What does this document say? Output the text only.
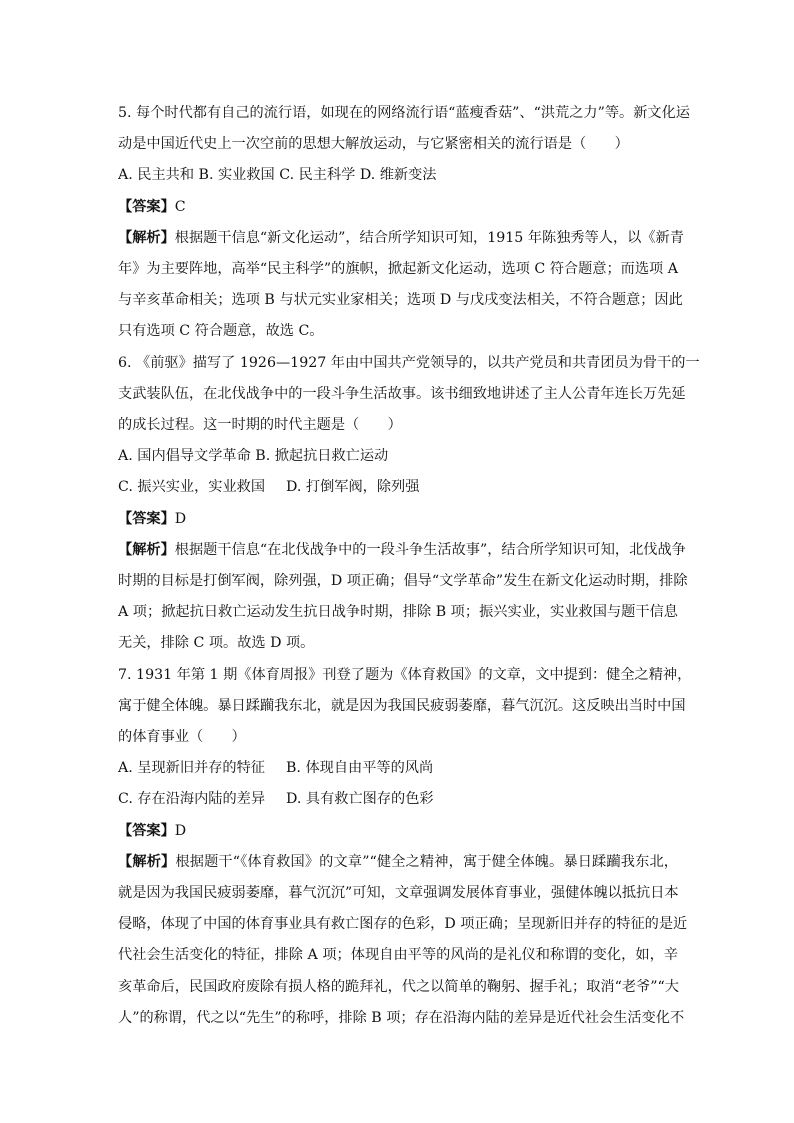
5. 每个时代都有自己的流行语，如现在的网络流行语“蓝瘦香菇”、“洪荒之力”等。新文化运
动是中国近代史上一次空前的思想大解放运动，与它紧密相关的流行语是（　　）
A. 民主共和 B. 实业救国 C. 民主科学 D. 维新变法
【答案】C
【解析】根据题干信息“新文化运动”，结合所学知识可知，1915 年陈独秀等人，以《新青
年》为主要阵地，高举“民主科学”的旗帜，掀起新文化运动，选项 C 符合题意；而选项 A
与辛亥革命相关；选项 B 与状元实业家相关；选项 D 与戊戌变法相关，不符合题意；因此
只有选项 C 符合题意，故选 C。
6. 《前驱》描写了 1926—1927 年由中国共产党领导的，以共产党员和共青团员为骨干的一
支武装队伍，在北伐战争中的一段斗争生活故事。该书细致地讲述了主人公青年连长万先延
的成长过程。这一时期的时代主题是（　　）
A. 国内倡导文学革命 B. 掀起抗日救亡运动
C. 振兴实业，实业救国	D. 打倒军阀，除列强
【答案】D
【解析】根据题干信息“在北伐战争中的一段斗争生活故事”，结合所学知识可知，北伐战争
时期的目标是打倒军阀，除列强，D 项正确；倡导“文学革命”发生在新文化运动时期，排除
A 项；掀起抗日救亡运动发生抗日战争时期，排除 B 项；振兴实业，实业救国与题干信息
无关，排除 C 项。故选 D 项。
7. 1931 年第 1 期《体育周报》刊登了题为《体育救国》的文章，文中提到：健全之精神，
寓于健全体魄。暴日蹂躏我东北，就是因为我国民疲弱萎靡，暮气沉沉。这反映出当时中国
的体育事业（　　）
A. 呈现新旧并存的特征	B. 体现自由平等的风尚
C. 存在沿海内陆的差异	D. 具有救亡图存的色彩
【答案】D
【解析】根据题干“《体育救国》的文章”“健全之精神，寓于健全体魄。暴日蹂躏我东北，
就是因为我国民疲弱萎靡，暮气沉沉”可知，文章强调发展体育事业，强健体魄以抵抗日本
侵略，体现了中国的体育事业具有救亡图存的色彩，D 项正确；呈现新旧并存的特征的是近
代社会生活变化的特征，排除 A 项；体现自由平等的风尚的是礼仪和称谓的变化，如，辛
亥革命后，民国政府废除有损人格的跪拜礼，代之以简单的鞠躬、握手礼；取消“老爷”“大
人”的称谓，代之以“先生”的称呼，排除 B 项；存在沿海内陆的差异是近代社会生活变化不
